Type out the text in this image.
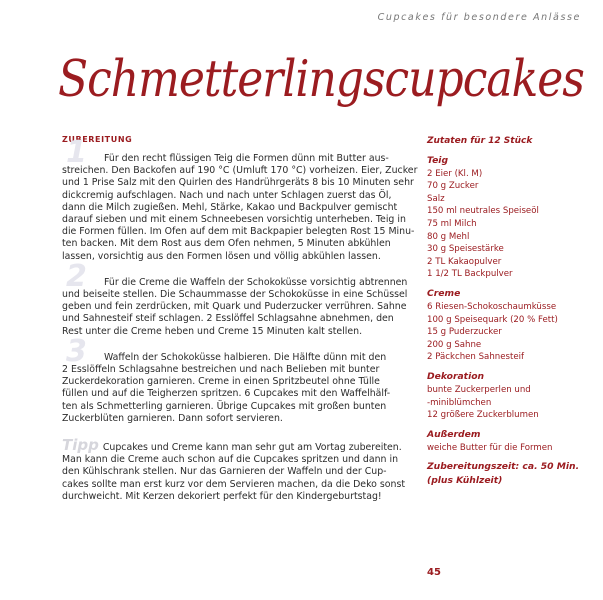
Cupcakes für besondere Anlässe
Schmetterlingscupcakes
ZUBEREITUNG
1	Für den recht flüssigen Teig die Formen dünn mit Butter aus-
streichen. Den Backofen auf 190 °C (Umluft 170 °C) vorheizen. Eier, Zucker
und 1 Prise Salz mit den Quirlen des Handrührgeräts 8 bis 10 Minuten sehr
dickcremig aufschlagen. Nach und nach unter Schlagen zuerst das Öl,
dann die Milch zugießen. Mehl, Stärke, Kakao und Backpulver gemischt
darauf sieben und mit einem Schneebesen vorsichtig unterheben. Teig in
die Formen füllen. Im Ofen auf dem mit Backpapier belegten Rost 15 Minu-
ten backen. Mit dem Rost aus dem Ofen nehmen, 5 Minuten abkühlen
lassen, vorsichtig aus den Formen lösen und völlig abkühlen lassen.
2	Für die Creme die Waffeln der Schokoküsse vorsichtig abtrennen
und beiseite stellen. Die Schaummasse der Schokoküsse in eine Schüssel
geben und fein zerdrücken, mit Quark und Puderzucker verrühren. Sahne
und Sahnesteif steif schlagen. 2 Esslöffel Schlagsahne abnehmen, den
Rest unter die Creme heben und Creme 15 Minuten kalt stellen.
3	Waffeln der Schokoküsse halbieren. Die Hälfte dünn mit den
2 Esslöffeln Schlagsahne bestreichen und nach Belieben mit bunter
Zuckerdekoration garnieren. Creme in einen Spritzbeutel ohne Tülle
füllen und auf die Teigherzen spritzen. 6 Cupcakes mit den Waffelhälf-
ten als Schmetterling garnieren. Übrige Cupcakes mit großen bunten
Zuckerblüten garnieren. Dann sofort servieren.
Tipp Cupcakes und Creme kann man sehr gut am Vortag zubereiten.
Man kann die Creme auch schon auf die Cupcakes spritzen und dann in
den Kühlschrank stellen. Nur das Garnieren der Waffeln und der Cup-
cakes sollte man erst kurz vor dem Servieren machen, da die Deko sonst
durchweicht. Mit Kerzen dekoriert perfekt für den Kindergeburtstag!
Zutaten für 12 Stück
Teig
2 Eier (Kl. M)
70 g Zucker
Salz
150 ml neutrales Speiseöl
75 ml Milch
80 g Mehl
30 g Speisestärke
2 TL Kakaopulver
1 1/2 TL Backpulver
Creme
6 Riesen-Schokoschaumküsse
100 g Speisequark (20 % Fett)
15 g Puderzucker
200 g Sahne
2 Päckchen Sahnesteif
Dekoration
bunte Zuckerperlen und
-miniblümchen
12 größere Zuckerblumen
Außerdem
weiche Butter für die Formen
Zubereitungszeit: ca. 50 Min.
(plus Kühlzeit)
45
